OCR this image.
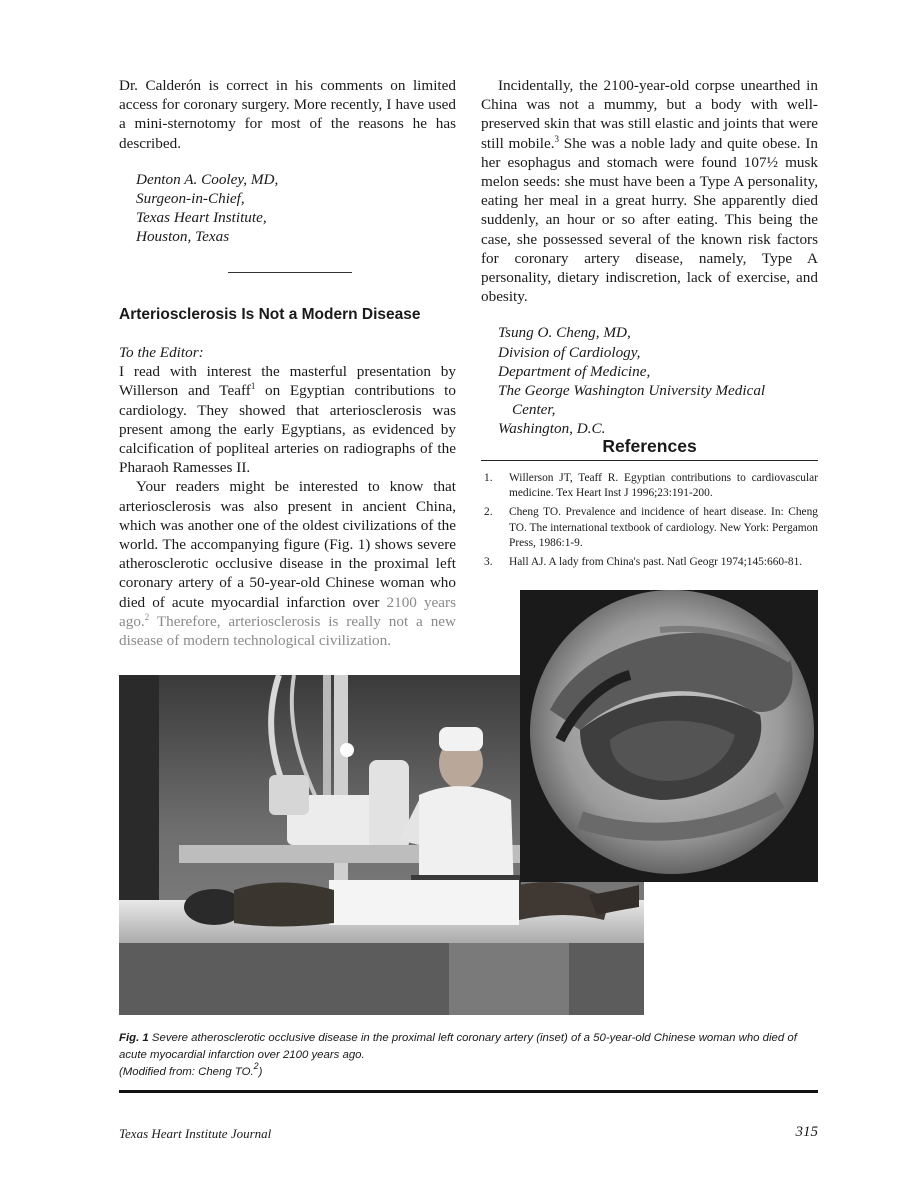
Dr. Calderón is correct in his comments on limited access for coronary surgery. More recently, I have used a mini-sternotomy for most of the reasons he has described.

Denton A. Cooley, MD,
Surgeon-in-Chief,
Texas Heart Institute,
Houston, Texas
Arteriosclerosis Is Not a Modern Disease

To the Editor:

I read with interest the masterful presentation by Willerson and Teaff$^1$ on Egyptian contributions to cardiology. They showed that arteriosclerosis was present among the early Egyptians, as evidenced by calcification of popliteal arteries on radiographs of the Pharaoh Ramesses II.

Your readers might be interested to know that arteriosclerosis was also present in ancient China, which was another one of the oldest civilizations of the world. The accompanying figure (Fig. 1) shows severe atherosclerotic occlusive disease in the proximal left coronary artery of a 50-year-old Chinese woman who died of acute myocardial infarction over 2100 years ago.$^2$ Therefore, arteriosclerosis is really not a new disease of modern technological civilization.

Incidentally, the 2100-year-old corpse unearthed in China was not a mummy, but a body with well-preserved skin that was still elastic and joints that were still mobile.$^3$ She was a noble lady and quite obese. In her esophagus and stomach were found 107½ musk melon seeds: she must have been a Type A personality, eating her meal in a great hurry. She apparently died suddenly, an hour or so after eating. This being the case, she possessed several of the known risk factors for coronary artery disease, namely, Type A personality, dietary indiscretion, lack of exercise, and obesity.

Tsung O. Cheng, MD,
Division of Cardiology,
Department of Medicine,
The George Washington University Medical
Center,
Washington, D.C.
References
1. Willerson JT, Teaff R. Egyptian contributions to cardiovascular medicine. Tex Heart Inst J 1996;23:191-200.
2. Cheng TO. Prevalence and incidence of heart disease. In: Cheng TO. The international textbook of cardiology. New York: Pergamon Press, 1986:1-9.
3. Hall AJ. A lady from China's past. Natl Geogr 1974;145:660-81.
Fig. 1 Severe atherosclerotic occlusive disease in the proximal left coronary artery (inset) of a 50-year-old Chinese woman who died of acute myocardial infarction over 2100 years ago.
(Modified from: Cheng TO.$^2$)
Texas Heart Institute Journal	315
